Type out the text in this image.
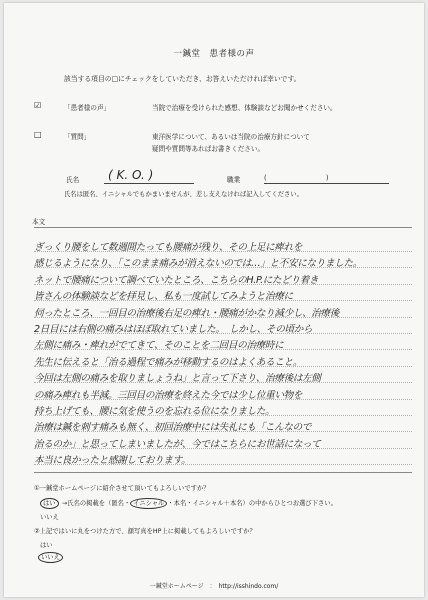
一鍼堂　患者様の声
該当する項目の□にチェックをしていただき、お答えいただければ幸いです。
☑	「患者様の声」	当院で治療を受けられた感想、体験談などお聞かせください。
□	「質問」	東洋医学について、あるいは当院の治療方針について
疑問や質問等あればお書きください。
氏名 ( K. O. )	職業	(　　　　　　　　　)
氏名は匿名、イニシャルでもかまいませんが、差し支えなければ記入してください。
本文
ぎっくり腰をして数週間たっても腰痛が残り、その上足に痺れを
感じるようになり、「このまま痛みが消えないのでは…」と不安になりました。
ネットで腰痛について調べていたところ、こちらのH.P.にたどり着き
皆さんの体験談などを拝見し、私も一度試してみようと治療に
伺ったところ、一回目の治療後右足の痺れ・腰痛がかなり減少し、治療後
2日目には右側の痛みはほぼ取れていました。　しかし、その頃から
左側に痛み・痺れがでてきて、そのことを二回目の治療時に
先生に伝えると「治る過程で痛みが移動するのはよくあること。
今回は左側の痛みを取りましょうね」と言って下さり、治療後は左側
の痛み痺れも半減。三回目の治療を終えた今では少し位重い物を
持ち上げても、腰に気を使うのを忘れる位になりました。
治療は鍼を刺す痛みも無く、初回治療中には失礼にも「こんなので
治るのか」と思ってしまいましたが、今ではこちらにお世話になって
本当に良かったと感謝しております。
①一鍼堂ホームページに紹介させて頂いてもよろしいですか？
はい	→氏名の掲載を（匿名・ イニシャル ・本名・イニシャル＋本名）の中からひとつお選び下さい。
いいえ
②上記ではいに丸をつけた方で、顔写真をHP上に掲載してもよろしいですか？
はい
いいえ
一鍼堂ホームページ　：　http://isshindo.com/
